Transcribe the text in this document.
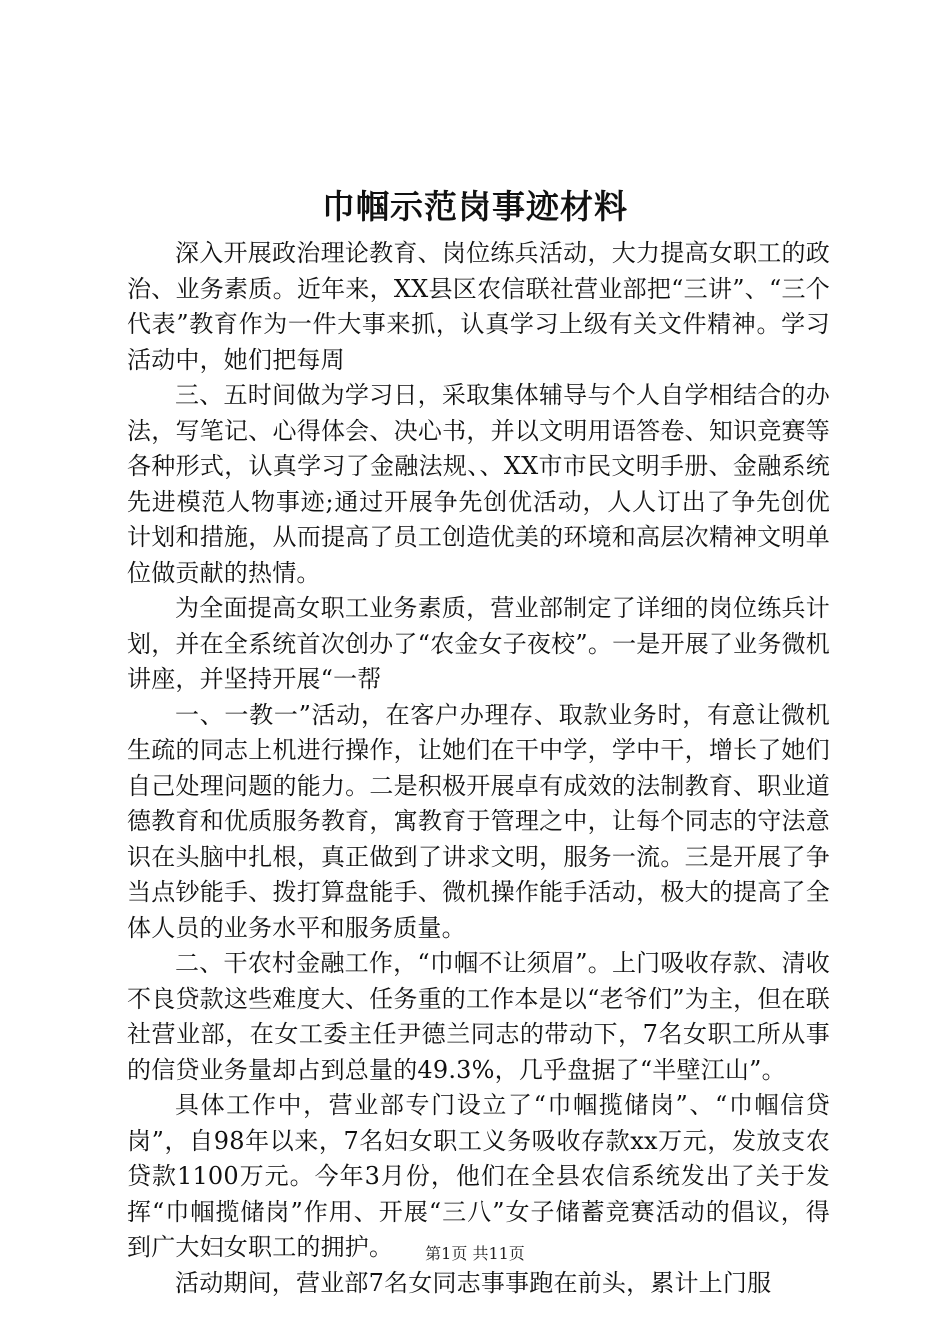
巾帼示范岗事迹材料

深入开展政治理论教育、岗位练兵活动，大力提高女职工的政治、业务素质。近年来，XX县区农信联社营业部把“三讲”、“三个代表”教育作为一件大事来抓，认真学习上级有关文件精神。学习活动中，她们把每周

三、五时间做为学习日，采取集体辅导与个人自学相结合的办法，写笔记、心得体会、决心书，并以文明用语答卷、知识竞赛等各种形式，认真学习了金融法规、、XX市市民文明手册、金融系统先进模范人物事迹;通过开展争先创优活动，人人订出了争先创优计划和措施，从而提高了员工创造优美的环境和高层次精神文明单位做贡献的热情。

为全面提高女职工业务素质，营业部制定了详细的岗位练兵计划，并在全系统首次创办了“农金女子夜校”。一是开展了业务微机讲座，并坚持开展“一帮

一、一教一”活动，在客户办理存、取款业务时，有意让微机生疏的同志上机进行操作，让她们在干中学，学中干，增长了她们自己处理问题的能力。二是积极开展卓有成效的法制教育、职业道德教育和优质服务教育，寓教育于管理之中，让每个同志的守法意识在头脑中扎根，真正做到了讲求文明，服务一流。三是开展了争当点钞能手、拨打算盘能手、微机操作能手活动，极大的提高了全体人员的业务水平和服务质量。

二、干农村金融工作，“巾帼不让须眉”。上门吸收存款、清收不良贷款这些难度大、任务重的工作本是以“老爷们”为主，但在联社营业部，在女工委主任尹德兰同志的带动下，7名女职工所从事的信贷业务量却占到总量的49.3%，几乎盘据了“半壁江山”。

具体工作中，营业部专门设立了“巾帼揽储岗”、“巾帼信贷岗”，自98年以来，7名妇女职工义务吸收存款xx万元，发放支农贷款1100万元。今年3月份，他们在全县农信系统发出了关于发挥“巾帼揽储岗”作用、开展“三八”女子储蓄竞赛活动的倡议，得到广大妇女职工的拥护。

活动期间，营业部7名女同志事事跑在前头，累计上门服

第1页 共11页
